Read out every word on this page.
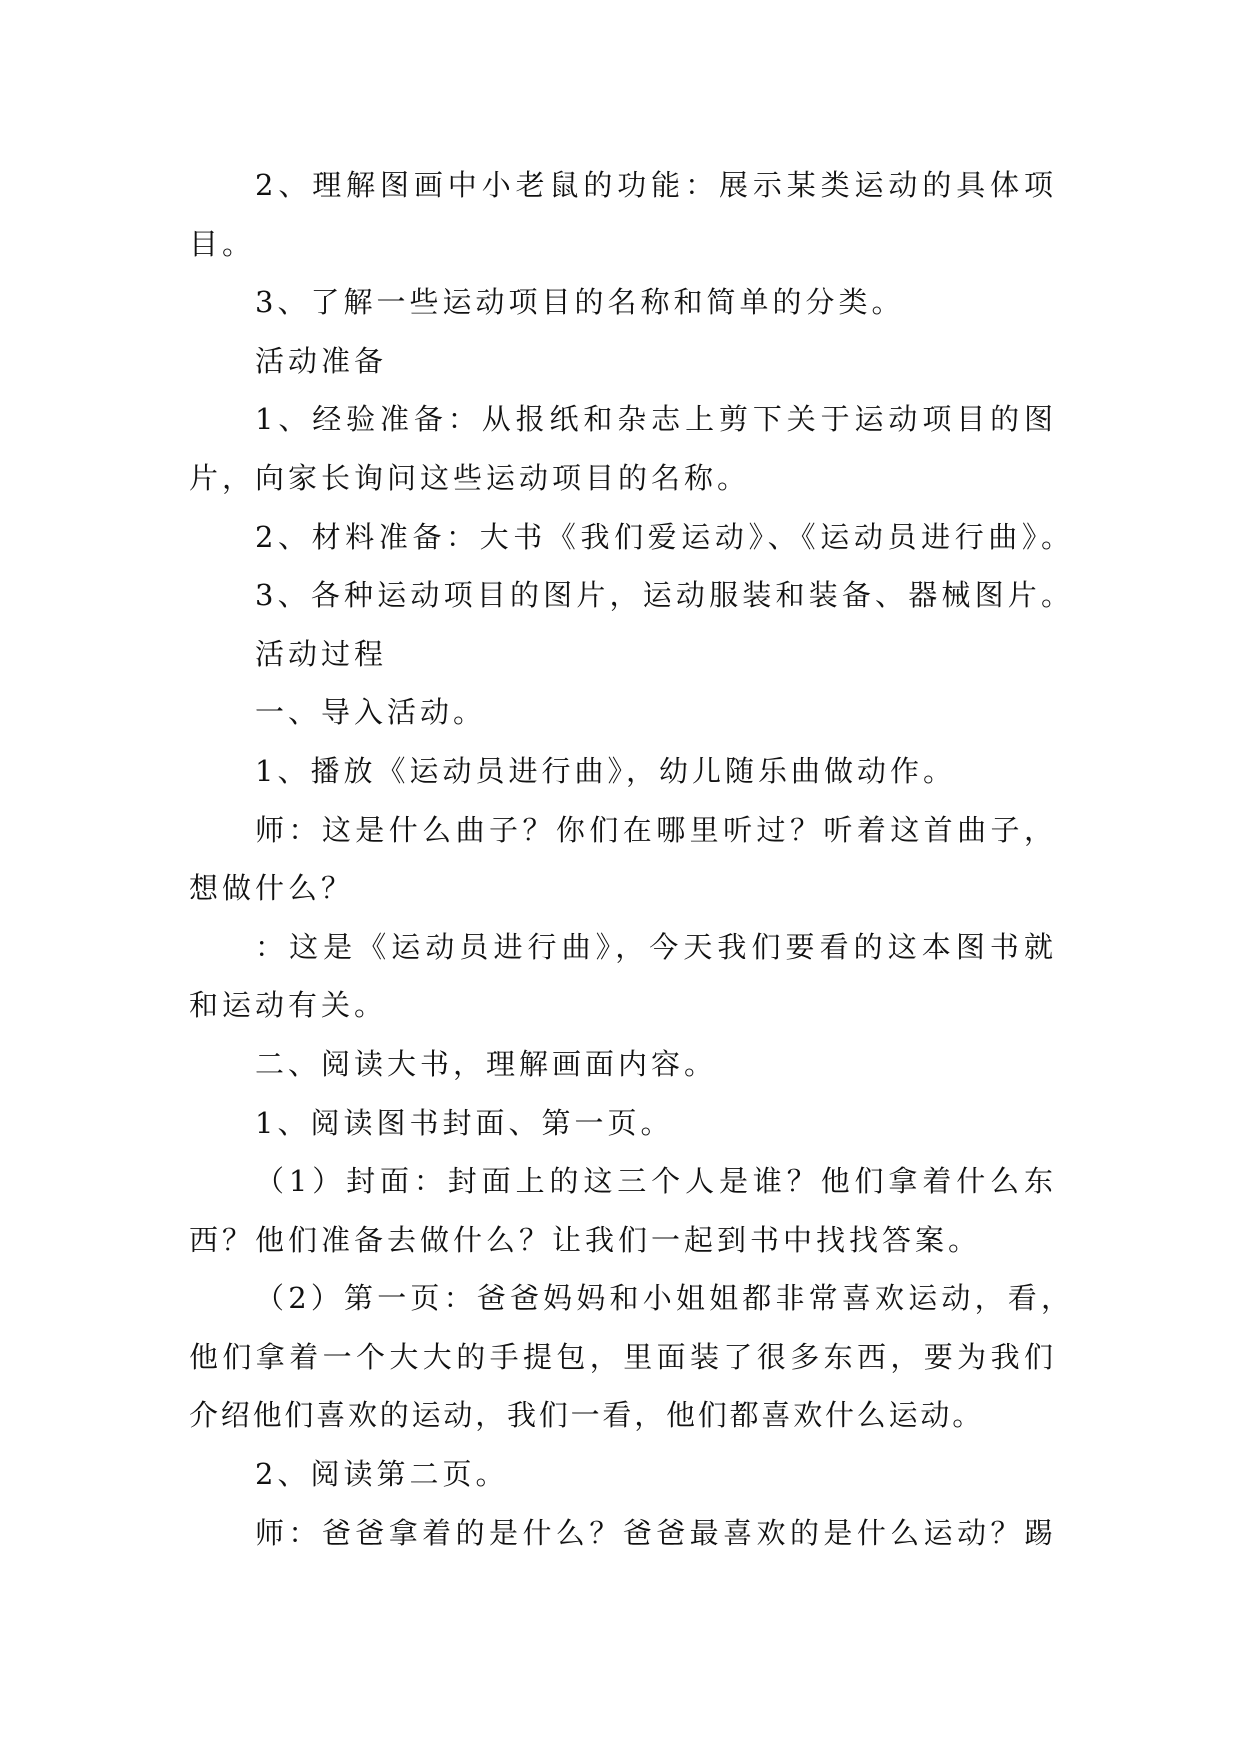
2、理解图画中小老鼠的功能：展示某类运动的具体项
目。
3、了解一些运动项目的名称和简单的分类。
活动准备
1、经验准备：从报纸和杂志上剪下关于运动项目的图
片，向家长询问这些运动项目的名称。
2、材料准备：大书《我们爱运动》、《运动员进行曲》。
3、各种运动项目的图片，运动服装和装备、器械图片。
活动过程
一、导入活动。
1、播放《运动员进行曲》，幼儿随乐曲做动作。
师：这是什么曲子？你们在哪里听过？听着这首曲子，
想做什么？
：这是《运动员进行曲》，今天我们要看的这本图书就
和运动有关。
二、阅读大书，理解画面内容。
1、阅读图书封面、第一页。
（1）封面：封面上的这三个人是谁？他们拿着什么东
西？他们准备去做什么？让我们一起到书中找找答案。
（2）第一页：爸爸妈妈和小姐姐都非常喜欢运动，看，
他们拿着一个大大的手提包，里面装了很多东西，要为我们
介绍他们喜欢的运动，我们一看，他们都喜欢什么运动。
2、阅读第二页。
师：爸爸拿着的是什么？爸爸最喜欢的是什么运动？踢
